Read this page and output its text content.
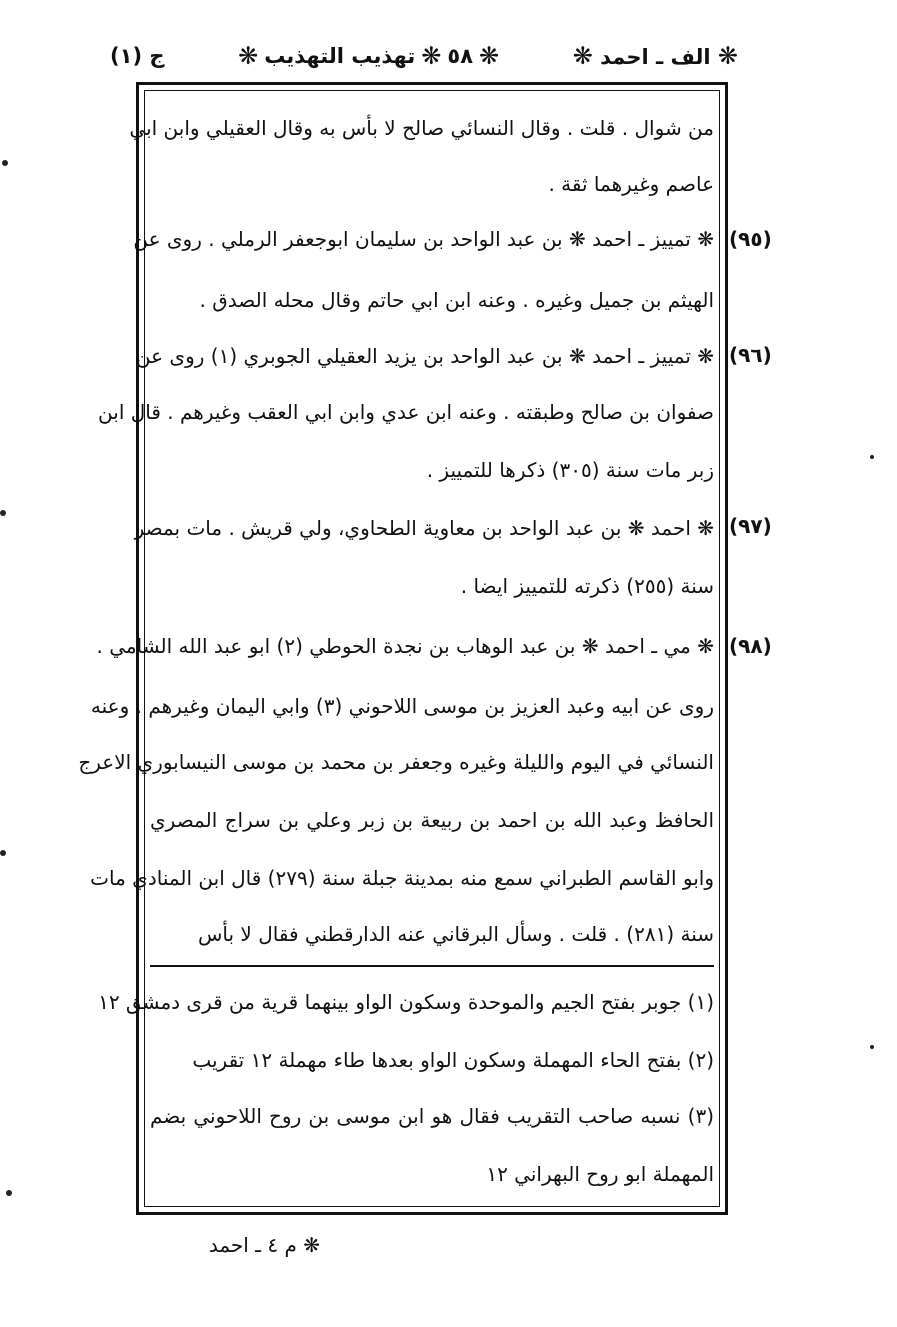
❋ الف ـ احمد ❋
❋
٥٨
❋
تهذيب التهذيب
❋
ج (١)
(٩٥)
(٩٦)
(٩٧)
(٩٨)
من شوال . قلت . وقال النسائي صالح لا بأس به وقال العقيلي وابن ابي
عاصم وغيرهما ثقة .
❋ تمييز ـ احمد ❋ بن عبد الواحد بن سليمان ابوجعفر الرملي . روى عن
الهيثم بن جميل وغيره . وعنه ابن ابي حاتم وقال محله الصدق .
❋ تمييز ـ احمد ❋ بن عبد الواحد بن يزيد العقيلي الجوبري (١) روى عن
صفوان بن صالح وطبقته . وعنه ابن عدي وابن ابي العقب وغيرهم . قال ابن
زبر مات سنة (٣٠٥) ذكرها للتمييز .
❋ احمد ❋ بن عبد الواحد بن معاوية الطحاوي، ولي قريش . مات بمصر
سنة (٢٥٥) ذكرته للتمييز ايضا .
❋ مي ـ احمد ❋ بن عبد الوهاب بن نجدة الحوطي (٢) ابو عبد الله الشامي .
روى عن ابيه وعبد العزيز بن موسى اللاحوني (٣) وابي اليمان وغيرهم . وعنه
النسائي في اليوم والليلة وغيره وجعفر بن محمد بن موسى النيسابوري الاعرج
الحافظ وعبد الله بن احمد بن ربيعة بن زبر وعلي بن سراج المصري
وابو القاسم الطبراني سمع منه بمدينة جبلة سنة (٢٧٩) قال ابن المنادي مات
سنة (٢٨١) . قلت . وسأل البرقاني عنه الدارقطني فقال لا بأس
(١) جوبر بفتح الجيم والموحدة وسكون الواو بينهما قرية من قرى دمشق ١٢
(٢) بفتح الحاء المهملة وسكون الواو بعدها طاء مهملة ١٢ تقريب
(٣) نسبه صاحب التقريب فقال هو ابن موسى بن روح اللاحوني بضم
المهملة ابو روح البهراني ١٢
❋ م ٤ ـ احمد
